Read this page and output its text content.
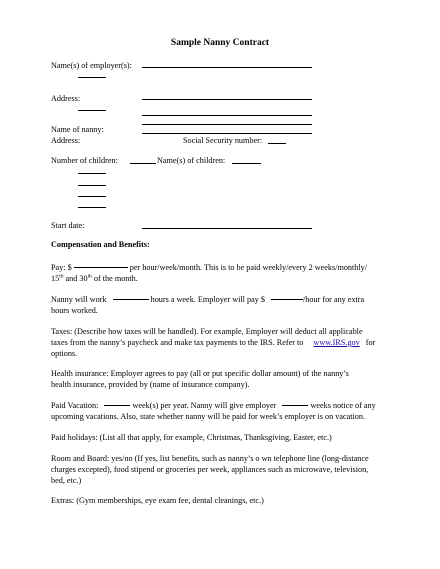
Sample Nanny Contract
Name(s) of employer(s):
Address:
Name of nanny:
Address:	Social Security number:
Number of children:	Name(s) of children:
Start date:
Compensation and Benefits:
Pay: $	per hour/week/month. This is to be paid weekly/every 2 weeks/monthly/
15th and 30th of the month.
Nanny will work	hours a week. Employer will pay $	/hour for any extra
hours worked.
Taxes: (Describe how taxes will be handled). For example, Employer will deduct all applicable
taxes from the nanny’s paycheck and make tax payments to the IRS. Refer to www.IRS.gov for
options.
Health insurance: Employer agrees to pay (all or put specific dollar amount) of the nanny’s
health insurance, provided by (name of insurance company).
Paid Vacation:	week(s) per year. Nanny will give employer	weeks notice of any
upcoming vacations. Also, state whether nanny will be paid for week’s employer is on vacation.
Paid holidays: (List all that apply, for example, Christmas, Thanksgiving, Easter, etc.)
Room and Board: yes/no (If yes, list benefits, such as nanny’s o wn telephone line (long-distance
charges excepted), food stipend or groceries per week, appliances such as microwave, television,
bed, etc.)
Extras: (Gym memberships, eye exam fee, dental cleanings, etc.)
